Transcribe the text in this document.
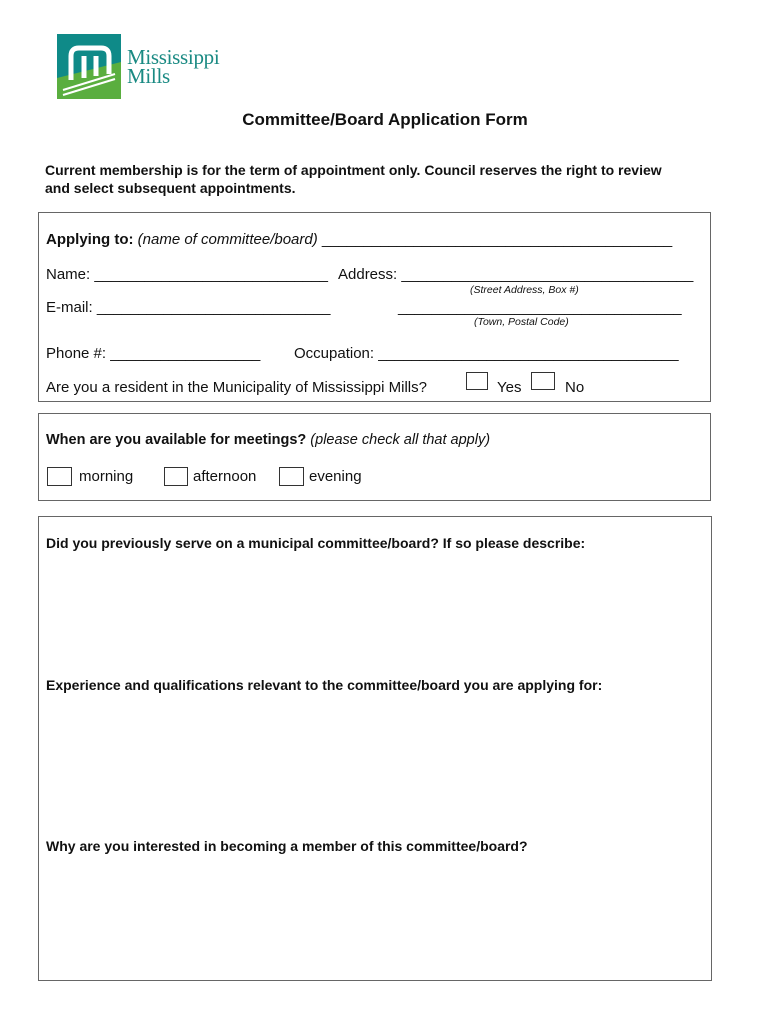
Mississippi
Mills
Committee/Board Application Form
Current membership is for the term of appointment only. Council reserves the right to review and select subsequent appointments.
Applying to: (name of committee/board) __________________________________________
Name: ____________________________ Address: ___________________________________
(Street Address, Box #)
E-mail: ____________________________	__________________________________
(Town, Postal Code)
Phone #: __________________ Occupation: ____________________________________
Are you a resident in the Municipality of Mississippi Mills?	Yes	No
When are you available for meetings? (please check all that apply)
morning	afternoon	evening
Did you previously serve on a municipal committee/board? If so please describe:
Experience and qualifications relevant to the committee/board you are applying for:
Why are you interested in becoming a member of this committee/board?
